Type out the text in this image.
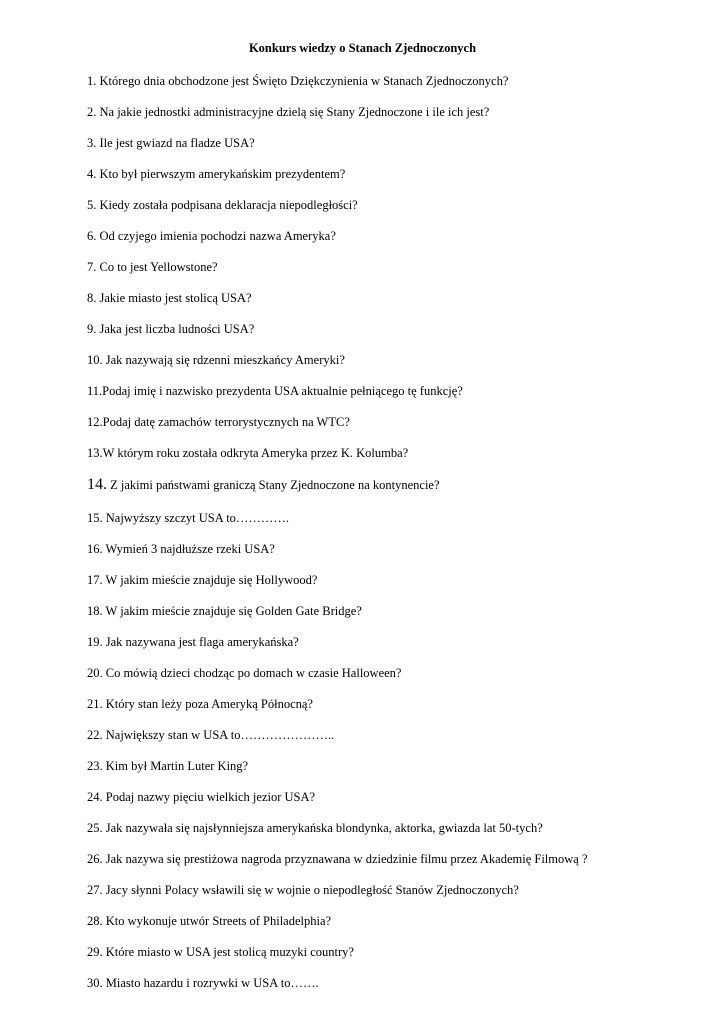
Konkurs wiedzy o Stanach Zjednoczonych

1. Którego dnia obchodzone jest Święto Dziękczynienia w Stanach Zjednoczonych?

2. Na jakie jednostki administracyjne dzielą się Stany Zjednoczone i ile ich jest?

3. Ile jest gwiazd na fladze USA?

4. Kto był pierwszym amerykańskim prezydentem?

5. Kiedy została podpisana deklaracja niepodległości?

6. Od czyjego imienia pochodzi nazwa Ameryka?

7. Co to jest Yellowstone?

8. Jakie miasto jest stolicą USA?

9. Jaka jest liczba ludności USA?

10. Jak nazywają się rdzenni mieszkańcy Ameryki?

11.Podaj imię i nazwisko prezydenta USA aktualnie pełniącego tę funkcję?

12.Podaj datę zamachów terrorystycznych na WTC?

13.W którym roku została odkryta Ameryka przez K. Kolumba?

14. Z jakimi państwami graniczą Stany Zjednoczone na kontynencie?

15. Najwyższy szczyt USA to………….

16. Wymień 3 najdłuższe rzeki USA?

17. W jakim mieście znajduje się Hollywood?

18. W jakim mieście znajduje się Golden Gate Bridge?

19. Jak nazywana jest flaga amerykańska?

20. Co mówią dzieci chodząc po domach w czasie Halloween?

21. Który stan leży poza Ameryką Północną?

22. Największy stan w USA to…………………..

23. Kim był Martin Luter King?

24. Podaj nazwy pięciu wielkich jezior USA?

25. Jak nazywała się najsłynniejsza amerykańska blondynka, aktorka, gwiazda lat 50-tych?

26. Jak nazywa się prestiżowa nagroda przyznawana w dziedzinie filmu przez Akademię Filmową ?

27. Jacy słynni Polacy wsławili się w wojnie o niepodległość Stanów Zjednoczonych?

28. Kto wykonuje utwór Streets of Philadelphia?

29. Które miasto w USA jest stolicą muzyki country?

30. Miasto hazardu i rozrywki w USA to…….
